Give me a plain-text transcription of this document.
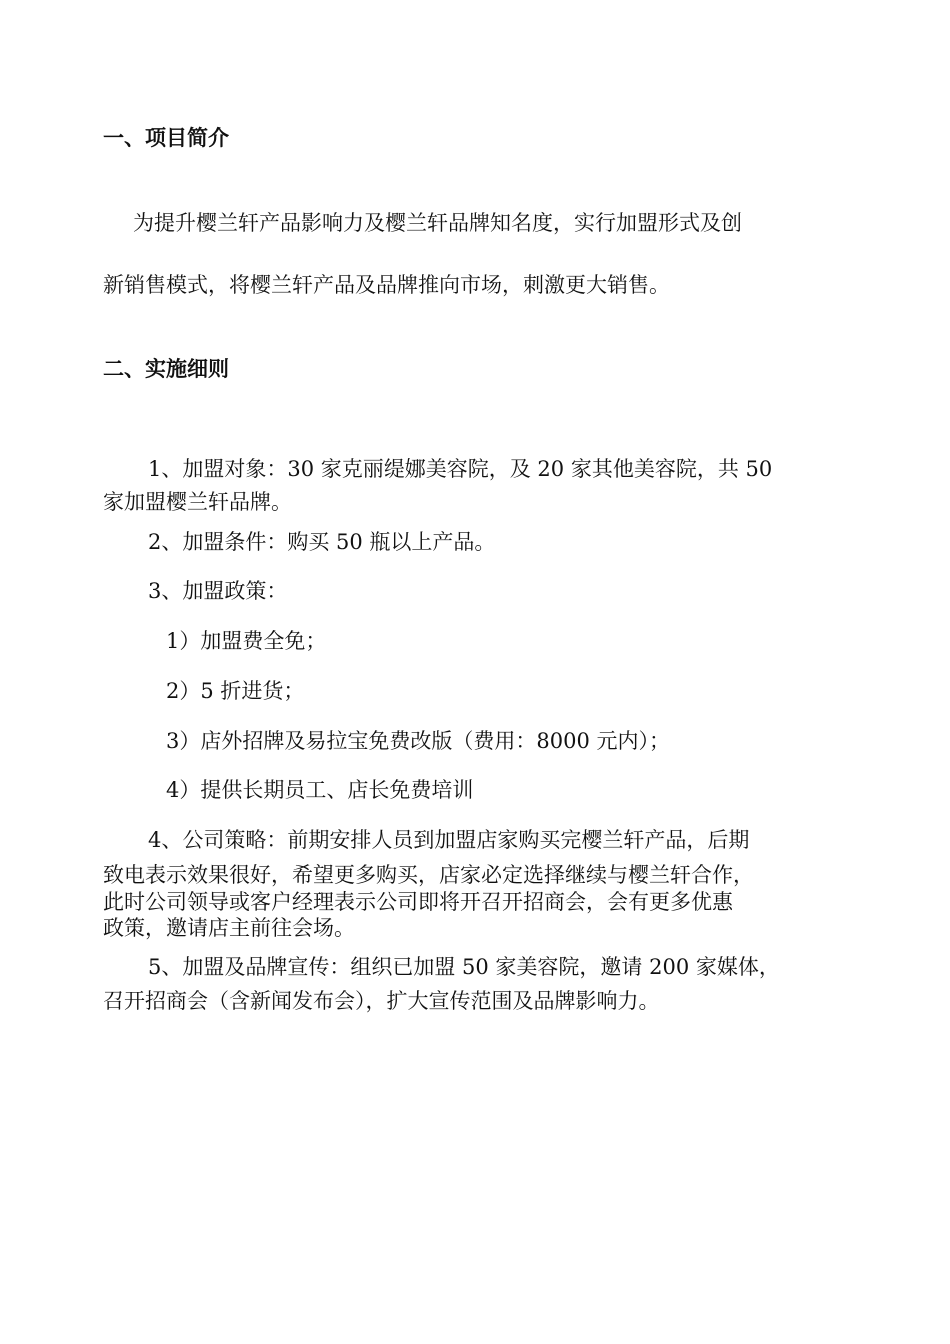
一、项目简介
为提升樱兰轩产品影响力及樱兰轩品牌知名度，实行加盟形式及创
新销售模式，将樱兰轩产品及品牌推向市场，刺激更大销售。
二、实施细则
1、加盟对象：30 家克丽缇娜美容院，及 20 家其他美容院，共 50
家加盟樱兰轩品牌。
2、加盟条件：购买 50 瓶以上产品。
3、加盟政策：
1）加盟费全免；
2）5 折进货；
3）店外招牌及易拉宝免费改版（费用：8000 元内）；
4）提供长期员工、店长免费培训
4、公司策略：前期安排人员到加盟店家购买完樱兰轩产品，后期
致电表示效果很好，希望更多购买，店家必定选择继续与樱兰轩合作，
此时公司领导或客户经理表示公司即将开召开招商会，会有更多优惠
政策，邀请店主前往会场。
5、加盟及品牌宣传：组织已加盟 50 家美容院，邀请 200 家媒体，
召开招商会（含新闻发布会），扩大宣传范围及品牌影响力。
